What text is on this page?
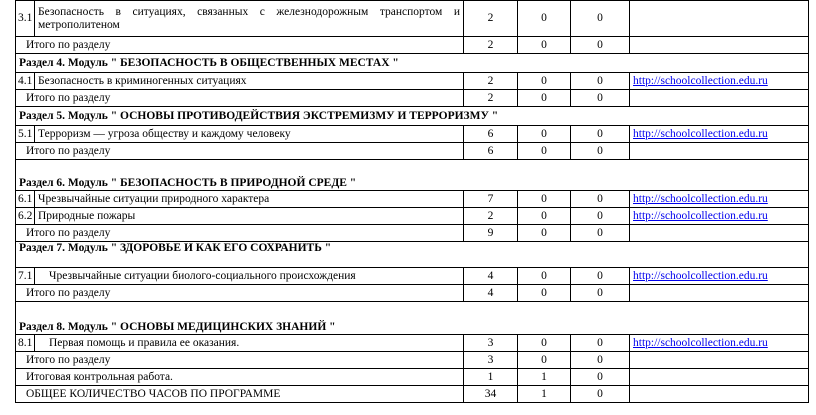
3.1	Безопасность в ситуациях, связанных с железнодорожным транспортом и метрополитеном	2	0	0	
Итого по разделу		2	0	0	
Раздел 4. Модуль " БЕЗОПАСНОСТЬ В ОБЩЕСТВЕННЫХ МЕСТАХ "					
4.1	Безопасность в криминогенных ситуациях	2	0	0	http://schoolcollection.edu.ru
Итого по разделу		2	0	0	
Раздел 5. Модуль " ОСНОВЫ ПРОТИВОДЕЙСТВИЯ ЭКСТРЕМИЗМУ И ТЕРРОРИЗМУ "					
5.1	Терроризм — угроза обществу и каждому человеку	6	0	0	http://schoolcollection.edu.ru
Итого по разделу		6	0	0	
Раздел 6. Модуль " БЕЗОПАСНОСТЬ В ПРИРОДНОЙ СРЕДЕ "					
6.1	Чрезвычайные ситуации природного характера	7	0	0	http://schoolcollection.edu.ru
6.2	Природные пожары	2	0	0	http://schoolcollection.edu.ru
Итого по разделу		9	0	0	
Раздел 7. Модуль " ЗДОРОВЬЕ И КАК ЕГО СОХРАНИТЬ "					
7.1	Чрезвычайные ситуации биолого-социального происхождения	4	0	0	http://schoolcollection.edu.ru
Итого по разделу		4	0	0	
Раздел 8. Модуль " ОСНОВЫ МЕДИЦИНСКИХ ЗНАНИЙ "					
8.1	Первая помощь и правила ее оказания.	3	0	0	http://schoolcollection.edu.ru
Итого по разделу		3	0	0	
Итоговая контрольная работа.		1	1	0	
ОБЩЕЕ КОЛИЧЕСТВО ЧАСОВ ПО ПРОГРАММЕ		34	1	0	
